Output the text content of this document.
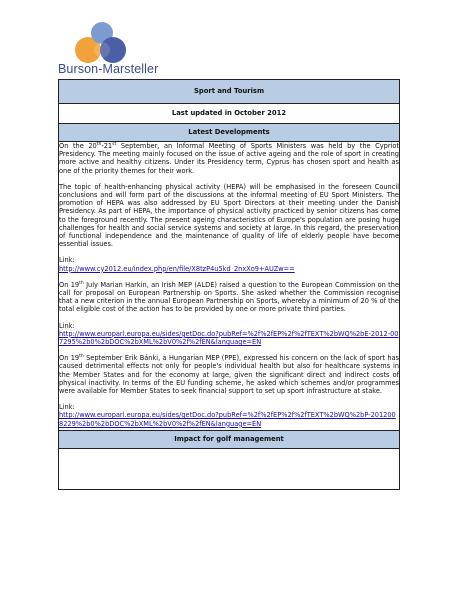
Burson-Marsteller
Sport and Tourism
Last updated in October 2012
Latest Developments

On the 20th-21st September, an Informal Meeting of Sports Ministers was held by the Cypriot Presidency. The meeting mainly focused on the issue of active ageing and the role of sport in creating more active and healthy citizens. Under its Presidency term, Cyprus has chosen sport and health as one of the priority themes for their work.

The topic of health-enhancing physical activity (HEPA) will be emphasised in the foreseen Council conclusions and will form part of the discussions at the informal meeting of EU Sport Ministers. The promotion of HEPA was also addressed by EU Sport Directors at their meeting under the Danish Presidency. As part of HEPA, the importance of physical activity practiced by senior citizens has come to the foreground recently. The present ageing characteristics of Europe's population are posing huge challenges for health and social service systems and society at large. In this regard, the preservation of functional independence and the maintenance of quality of life of elderly people have become essential issues.

Link:

http://www.cy2012.eu/index.php/en/file/X8tzP4u5kd_2nxXo9+AUZw==

On 19th July Marian Harkin, an Irish MEP (ALDE) raised a question to the European Commission on the call for proposal on European Partnership on Sports. She asked whether the Commission recognise that a new criterion in the annual European Partnership on Sports, whereby a minimum of 20 % of the total eligible cost of the action has to be provided by one or more private third parties.

Link:

http://www.europarl.europa.eu/sides/getDoc.do?pubRef=%2f%2fEP%2f%2fTEXT%2bWQ%2bE-2012-007295%2b0%2bDOC%2bXML%2bV0%2f%2fEN&language=EN

On 19th September Erik Bánki, a Hungarian MEP (PPE), expressed his concern on the lack of sport has caused detrimental effects not only for people's individual health but also for healthcare systems in the Member States and for the economy at large, given the significant direct and indirect costs of physical inactivity. In terms of the EU funding scheme, he asked which schemes and/or programmes were available for Member States to seek financial support to set up sport infrastructure at stake.

Link:

http://www.europarl.europa.eu/sides/getDoc.do?pubRef=%2f%2fEP%2f%2fTEXT%2bWQ%2bP-2012008229%2b0%2bDOC%2bXML%2bV0%2f%2fEN&language=EN

Impact for golf management
